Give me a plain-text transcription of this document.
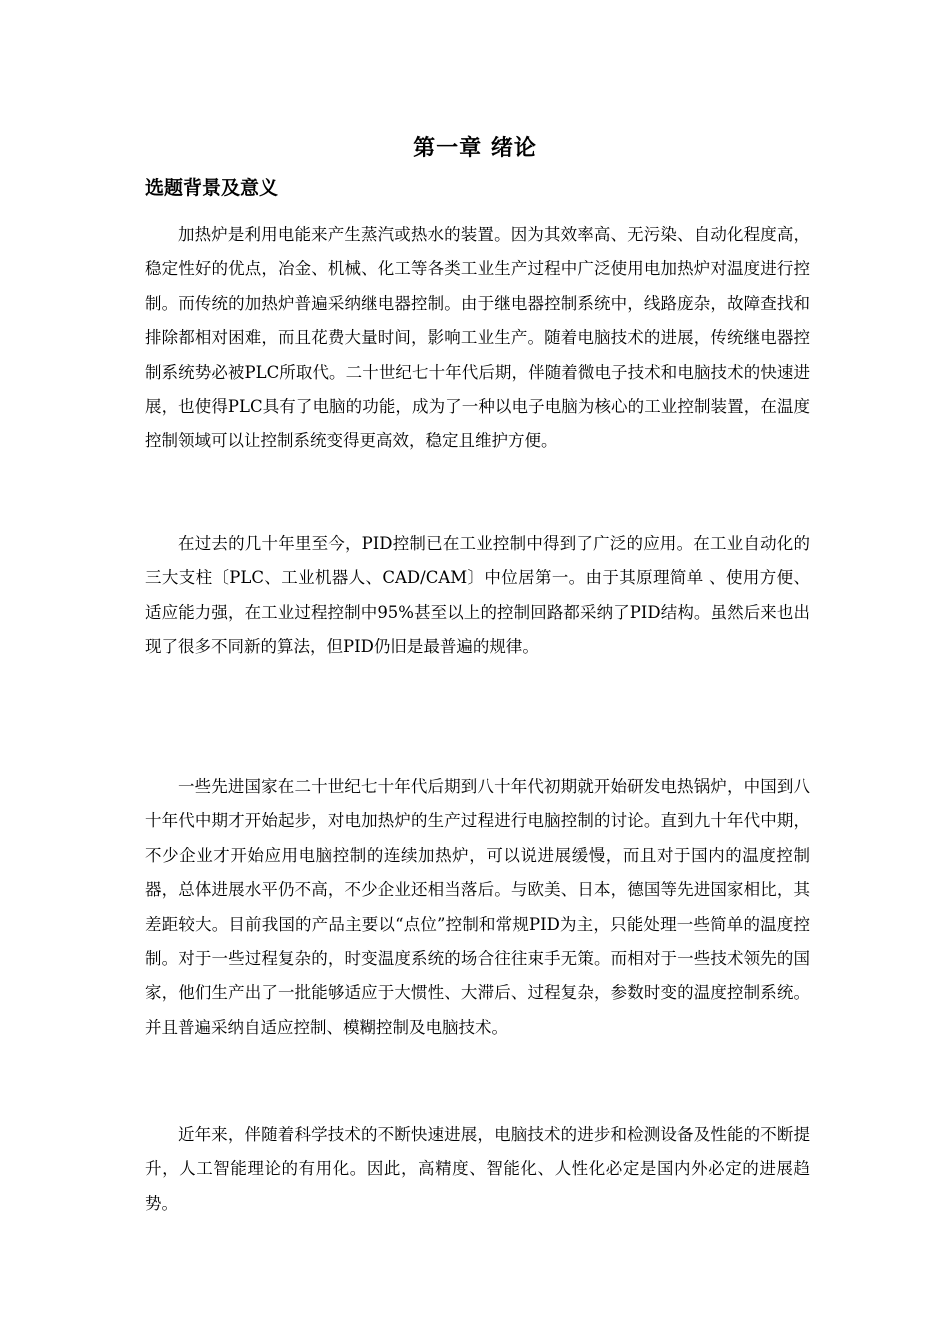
第一章 绪论
选题背景及意义

加热炉是利用电能来产生蒸汽或热水的装置。因为其效率高、无污染、自动化程度高，稳定性好的优点，冶金、机械、化工等各类工业生产过程中广泛使用电加热炉对温度进行控制。而传统的加热炉普遍采纳继电器控制。由于继电器控制系统中，线路庞杂，故障查找和排除都相对困难，而且花费大量时间，影响工业生产。随着电脑技术的进展，传统继电器控制系统势必被PLC所取代。二十世纪七十年代后期，伴随着微电子技术和电脑技术的快速进展，也使得PLC具有了电脑的功能，成为了一种以电子电脑为核心的工业控制装置，在温度控制领域可以让控制系统变得更高效，稳定且维护方便。

在过去的几十年里至今，PID控制已在工业控制中得到了广泛的应用。在工业自动化的三大支柱〔PLC、工业机器人、CAD/CAM〕中位居第一。由于其原理简单 、使用方便、适应能力强，在工业过程控制中95%甚至以上的控制回路都采纳了PID结构。虽然后来也出现了很多不同新的算法，但PID仍旧是最普遍的规律。

一些先进国家在二十世纪七十年代后期到八十年代初期就开始研发电热锅炉，中国到八十年代中期才开始起步，对电加热炉的生产过程进行电脑控制的讨论。直到九十年代中期，不少企业才开始应用电脑控制的连续加热炉，可以说进展缓慢，而且对于国内的温度控制器，总体进展水平仍不高，不少企业还相当落后。与欧美、日本，德国等先进国家相比，其差距较大。目前我国的产品主要以“点位”控制和常规PID为主，只能处理一些简单的温度控制。对于一些过程复杂的，时变温度系统的场合往往束手无策。而相对于一些技术领先的国家，他们生产出了一批能够适应于大惯性、大滞后、过程复杂，参数时变的温度控制系统。并且普遍采纳自适应控制、模糊控制及电脑技术。

近年来，伴随着科学技术的不断快速进展，电脑技术的进步和检测设备及性能的不断提升，人工智能理论的有用化。因此，高精度、智能化、人性化必定是国内外必定的进展趋势。
